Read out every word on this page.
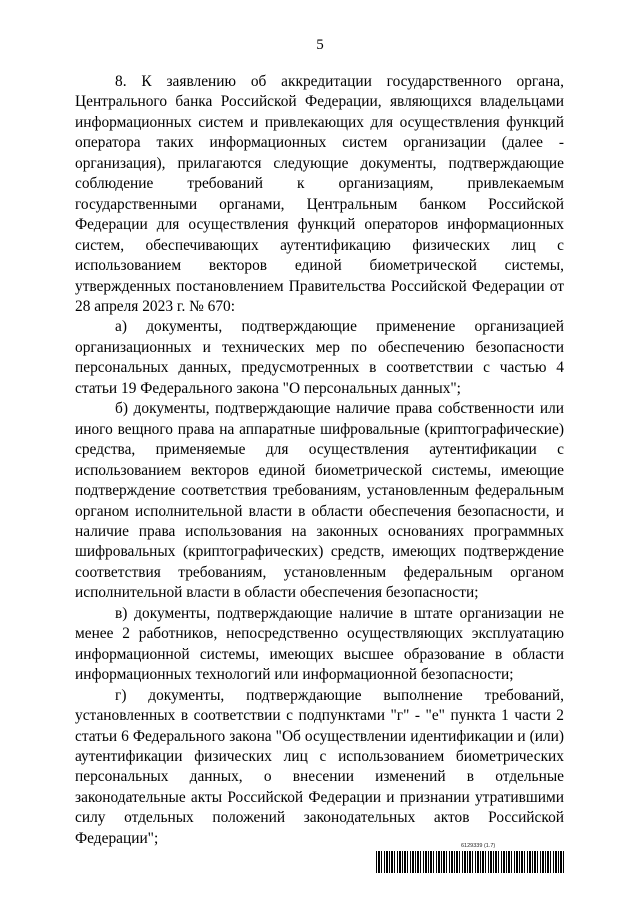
5

8. К заявлению об аккредитации государственного органа, Центрального банка Российской Федерации, являющихся владельцами информационных систем и привлекающих для осуществления функций оператора таких информационных систем организации (далее - организация), прилагаются следующие документы, подтверждающие соблюдение требований к организациям, привлекаемым государственными органами, Центральным банком Российской Федерации для осуществления функций операторов информационных систем, обеспечивающих аутентификацию физических лиц с использованием векторов единой биометрической системы, утвержденных постановлением Правительства Российской Федерации от 28 апреля 2023 г. № 670:

а) документы, подтверждающие применение организацией организационных и технических мер по обеспечению безопасности персональных данных, предусмотренных в соответствии с частью 4 статьи 19 Федерального закона "О персональных данных";

б) документы, подтверждающие наличие права собственности или иного вещного права на аппаратные шифровальные (криптографические) средства, применяемые для осуществления аутентификации с использованием векторов единой биометрической системы, имеющие подтверждение соответствия требованиям, установленным федеральным органом исполнительной власти в области обеспечения безопасности, и наличие права использования на законных основаниях программных шифровальных (криптографических) средств, имеющих подтверждение соответствия требованиям, установленным федеральным органом исполнительной власти в области обеспечения безопасности;

в) документы, подтверждающие наличие в штате организации не менее 2 работников, непосредственно осуществляющих эксплуатацию информационной системы, имеющих высшее образование в области информационных технологий или информационной безопасности;

г) документы, подтверждающие выполнение требований, установленных в соответствии с подпунктами "г" - "е" пункта 1 части 2 статьи 6 Федерального закона "Об осуществлении идентификации и (или) аутентификации физических лиц с использованием биометрических персональных данных, о внесении изменений в отдельные законодательные акты Российской Федерации и признании утратившими силу отдельных положений законодательных актов Российской Федерации";	6129339 (1.7)
